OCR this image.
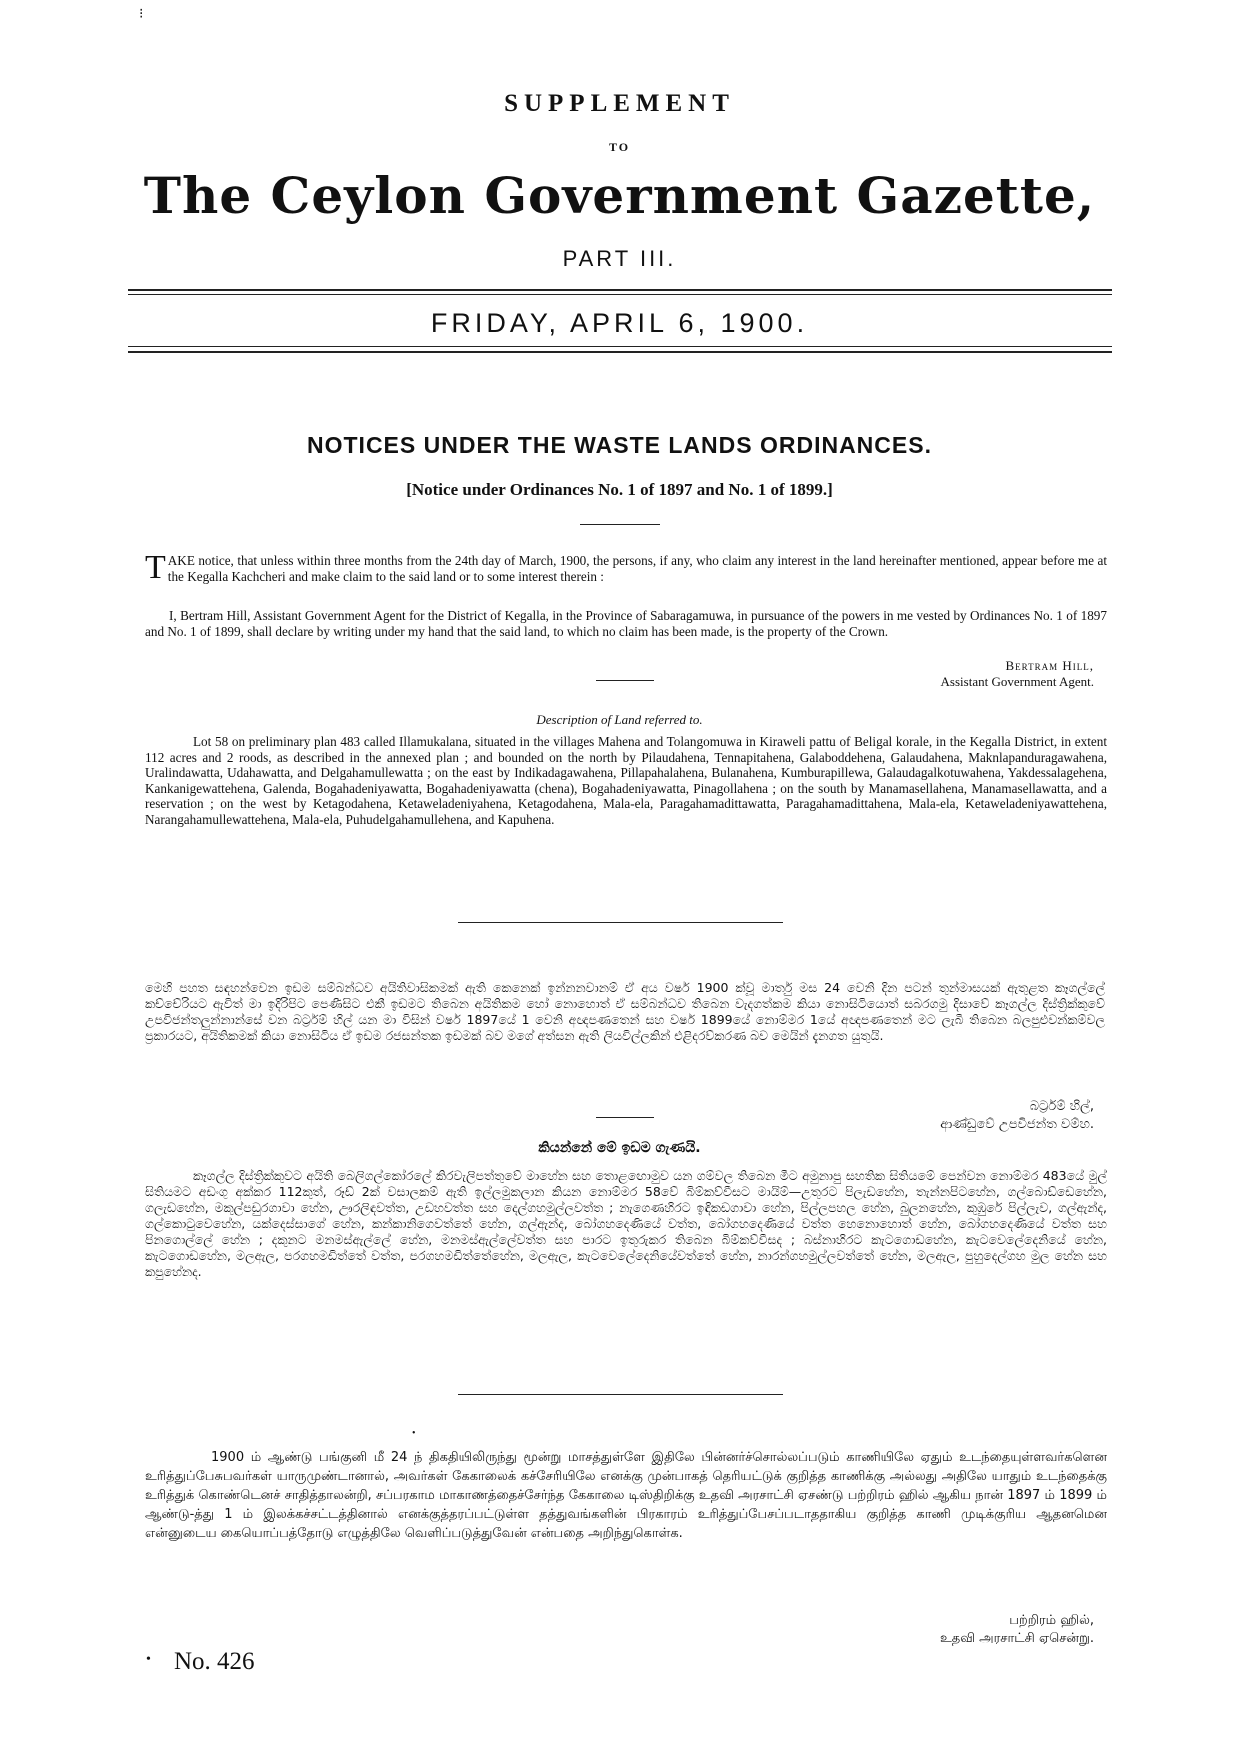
⁝
SUPPLEMENT
TO
The Ceylon Government Gazette,
PART III.
FRIDAY, APRIL 6, 1900.
NOTICES UNDER THE WASTE LANDS ORDINANCES.
[Notice under Ordinances No. 1 of 1897 and No. 1 of 1899.]
TAKE notice, that unless within three months from the 24th day of March, 1900, the persons, if any, who claim any interest in the land hereinafter mentioned, appear before me at the Kegalla Kachcheri and make claim to the said land or to some interest therein :
I, Bertram Hill, Assistant Government Agent for the District of Kegalla, in the Province of Sabaragamuwa, in pursuance of the powers in me vested by Ordinances No. 1 of 1897 and No. 1 of 1899, shall declare by writing under my hand that the said land, to which no claim has been made, is the property of the Crown.
Bertram Hill,
Assistant Government Agent.
Description of Land referred to.
Lot 58 on preliminary plan 483 called Illamukalana, situated in the villages Mahena and Tolangomuwa in Kiraweli pattu of Beligal korale, in the Kegalla District, in extent 112 acres and 2 roods, as described in the annexed plan ; and bounded on the north by Pilaudahena, Tennapitahena, Galaboddehena, Galaudahena, Maknlapanduragawahena, Uralindawatta, Udahawatta, and Delgahamullewatta ; on the east by Indikadagawahena, Pillapahalahena, Bulanahena, Kumburapillewa, Galaudagalkotuwahena, Yakdessalagehena, Kankanigewattehena, Galenda, Bogahadeniyawatta, Bogahadeniyawatta (chena), Bogahadeniyawatta, Pinagollahena ; on the south by Manamasellahena, Manamasellawatta, and a reservation ; on the west by Ketagodahena, Ketaweladeniyahena, Ketagodahena, Mala-ela, Paragahamadittawatta, Paragahamadittahena, Mala-ela, Ketaweladeniyawattehena, Narangahamullewattehena, Mala-ela, Puhudelgahamullehena, and Kapuhena.
මෙහි පහත සඳහන්වෙන ඉඩම සම්බන්ධව අයිතිවාසිකමක් ඇති කෙනෙක් ඉන්නනවානම් ඒ අය වර්ෂ 1900 ක්වූ මාර්තු මස 24 වෙනි දින පටන් තුන්මාසයක් ඇතුළත කෑගල්ලේ කච්චේරියට ඇවිත් මා ඉදිරිපිට පෙණීසිට එකී ඉඩමට තිබෙන අයිතිකම හෝ නොහොත් ඒ සම්බන්ධව තිබෙන වැදගත්කම කියා නොසිටියොත් සබරගමු දිසාවේ කෑගල්ල දිස්ත්‍රික්කුවේ උපවිජන්තලුන්නාන්සේ වන බර්ට්‍රම් හිල් යන මා විසින් වර්ෂ 1897යේ 1 වෙනි අඥපණතෙන් සහ වර්ෂ 1899යේ නොම්මර 1යේ අඥපණතෙන් මට ලැබී තිබෙන බලපුළුවන්කම්වල ප්‍රකාරයට, අයිතිකමක් කියා නොසිටිය ඒ ඉඩම රජසන්තක ඉඩමක් බව මගේ අත්සන ඇති ලියවිල්ලකින් එළිදරව්කරණ බව මෙයින් දැනගත යුතුයි.
බර්ට්‍රම් හිල්,
ආණ්ඩුවේ උපවිජන්ත වම්හ.
කියන්නේ මේ ඉඩම ගැණයි.
කෑගල්ල දිස්ත්‍රික්කුවට අයිති බෙලිගල්කෝරලේ කිරවැලිපත්තුවේ මාහේන සහ තොළඟොමුව යන ගම්වල තිබෙන මීට අමුනාපු සහතික සිතියමේ පෙන්වන නොම්මර 483යේ මුල් සිතියමට අඩංගු අක්කර 112කුත්, රූඩ් 2ක් වසාලකම් ඇති ඉල්ලමුකලාන කියන නොම්මර 58වේ බිම්කව්වීසට මායිම්—උතුරට පිලැඩහේන, තැන්නපිටහේන, ගල්බොඩ්ඩෙහේන, ගලැඩහේන, මකුල්පඩුරගාවා හේන, ඌරලිඳවත්ත, උඩහවත්ත සහ දෙල්ගහමුල්ලවත්ත ; නැගෙණහිරට ඉඳිකඩගාවා හේන, පිල්ලපහල හේන, බුලනහේන, කුඹුරේ පිල්ලැව, ගල්ඇන්ද, ගල්කොටුවෙහේන, යක්දෙස්සාගේ හේන, කන්කානිගෙවත්තේ හේන, ගල්ඇන්ද, බෝගහදෙණියේ වත්ත, බෝගහදෙණියේ වත්ත හෙනොහොත් හේන, බෝගහදෙණියේ වත්ත සහ පිනගොල්ලේ හේන ; දකුනට මනමස්ඇල්ලේ හේන, මනමස්ඇල්ලේවත්ත සහ පාරට ඉතුරුකර තිබෙන බිම්කව්වීසද ; බස්නාහිරට කැටගොඩහේන, කැටවෙලේදෙනියේ හේන, කැටගොඩහේන, මලඇල, පරගහමඩිත්තේ වත්ත, පරගහමඩිත්තේහේන, මලඇල, කැටවෙලේදෙනියේවත්තේ හේන, නාරන්ගහමුල්ලවත්තේ හේන, මලඇල, පුහුදෙල්ගහ මුල හේන සහ කපුහේනද.
•
1900 ம் ஆண்டு பங்குனி மீ 24 ந் திகதியிலிருந்து மூன்று மாசத்துள்ளே இதிலே பின்னர்ச்சொல்லப்படும் காணியிலே ஏதும் உடந்தையுள்ளவர்களென உரித்துப்பேசுபவர்கள் யாருமுண்டானால், அவர்கள் கேகாலைக் கச்சேரியிலே எனக்கு முன்பாகத் தெரியட்டுக் குறித்த காணிக்கு அல்லது அதிலே யாதும் உடந்தைக்கு உரித்துக் கொண்டெனச் சாதித்தாலன்றி, சப்பரகாம மாகாணத்தைச்சேர்ந்த கேகாலை டிஸ்திறிக்கு உதவி அரசாட்சி ஏசண்டு பற்றிரம் ஹில் ஆகிய நான் 1897 ம் 1899 ம் ஆண்டு-த்து 1 ம் இலக்கச்சட்டத்தினால் எனக்குத்தரப்பட்டுள்ள தத்துவங்களின் பிரகாரம் உரித்துப்பேசப்படாததாகிய குறித்த காணி முடிக்குரிய ஆதனமென என்னுடைய கையொப்பத்தோடு எழுத்திலே வெளிப்படுத்துவேன் என்பதை அறிந்துகொள்க.
பற்றிரம் ஹில்,
உதவி அரசாட்சி ஏசென்று.
• No. 426
